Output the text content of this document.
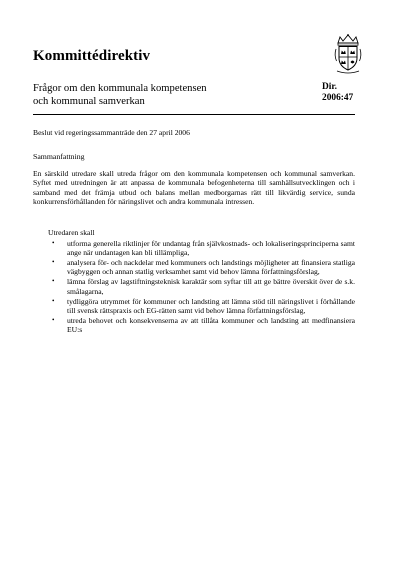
Kommittédirektiv
Frågor om den kommunala kompetensen
och kommunal samverkan
Dir.
2006:47
Beslut vid regeringssammanträde den 27 april 2006
Sammanfattning
En särskild utredare skall utreda frågor om den kommunala kompetensen och kommunal samverkan. Syftet med utredningen är att anpassa de kommunala befogenheterna till samhällsutvecklingen och i samband med det främja utbud och balans mellan medborgarnas rätt till likvärdig service, sunda konkurrensförhållanden för näringslivet och andra kommunala intressen.
Utredaren skall
• utforma generella riktlinjer för undantag från självkostnads- och lokaliseringsprinciperna samt ange när undantagen kan bli tillämpliga,
• analysera för- och nackdelar med kommuners och landstings möjligheter att finansiera statliga vägbyggen och annan statlig verksamhet samt vid behov lämna författningsförslag,
• lämna förslag av lagstiftningsteknisk karaktär som syftar till att ge bättre överskit över de s.k. smålagarna,
• tydliggöra utrymmet för kommuner och landsting att lämna stöd till näringslivet i förhållande till svensk rättspraxis och EG-rätten samt vid behov lämna författningsförslag,
• utreda behovet och konsekvenserna av att tillåta kommuner och landsting att medfinansiera EU:s
